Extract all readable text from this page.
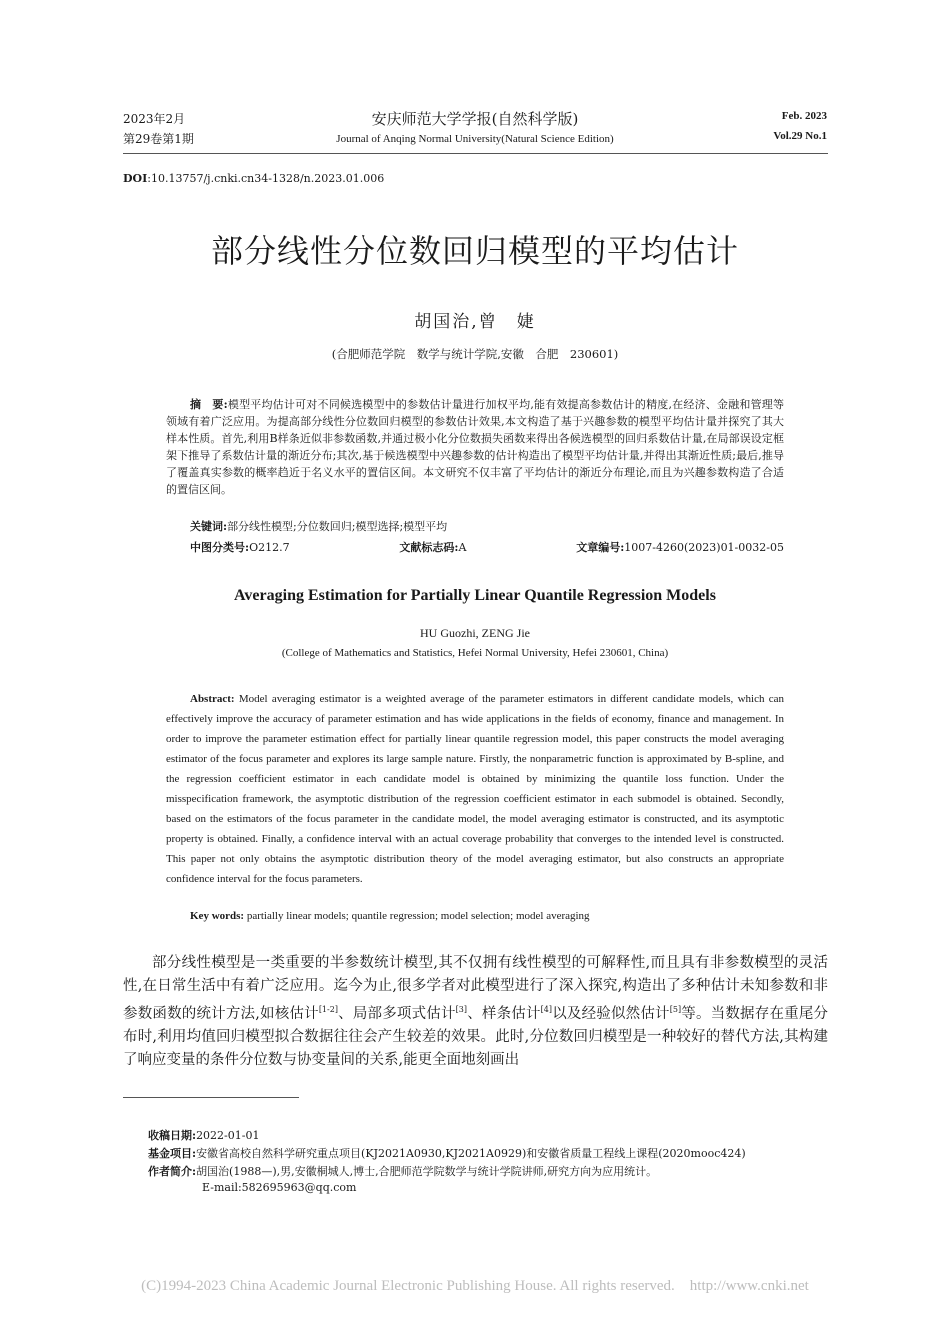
2023年2月
第29卷第1期
安庆师范大学学报(自然科学版)
Journal of Anqing Normal University(Natural Science Edition)
Feb. 2023
Vol.29 No.1
DOI:10.13757/j.cnki.cn34-1328/n.2023.01.006
部分线性分位数回归模型的平均估计
胡国治,曾　婕
(合肥师范学院　数学与统计学院,安徽　合肥　230601)
摘　要:模型平均估计可对不同候选模型中的参数估计量进行加权平均,能有效提高参数估计的精度,在经济、金融和管理等领域有着广泛应用。为提高部分线性分位数回归模型的参数估计效果,本文构造了基于兴趣参数的模型平均估计量并探究了其大样本性质。首先,利用B样条近似非参数函数,并通过极小化分位数损失函数来得出各候选模型的回归系数估计量,在局部误设定框架下推导了系数估计量的渐近分布;其次,基于候选模型中兴趣参数的估计构造出了模型平均估计量,并得出其渐近性质;最后,推导了覆盖真实参数的概率趋近于名义水平的置信区间。本文研究不仅丰富了平均估计的渐近分布理论,而且为兴趣参数构造了合适的置信区间。
关键词:部分线性模型;分位数回归;模型选择;模型平均
中图分类号:O212.7	文献标志码:A	文章编号:1007-4260(2023)01-0032-05
Averaging Estimation for Partially Linear Quantile Regression Models
HU Guozhi, ZENG Jie
(College of Mathematics and Statistics, Hefei Normal University, Hefei 230601, China)
Abstract: Model averaging estimator is a weighted average of the parameter estimators in different candidate models, which can effectively improve the accuracy of parameter estimation and has wide applications in the fields of economy, finance and management. In order to improve the parameter estimation effect for partially linear quantile regression model, this paper constructs the model averaging estimator of the focus parameter and explores its large sample nature. Firstly, the nonparametric function is approximated by B-spline, and the regression coefficient estimator in each candidate model is obtained by minimizing the quantile loss function. Under the misspecification framework, the asymptotic distribution of the regression coefficient estimator in each submodel is obtained. Secondly, based on the estimators of the focus parameter in the candidate model, the model averaging estimator is constructed, and its asymptotic property is obtained. Finally, a confidence interval with an actual coverage probability that converges to the intended level is constructed. This paper not only obtains the asymptotic distribution theory of the model averaging estimator, but also constructs an appropriate confidence interval for the focus parameters.
Key words: partially linear models; quantile regression; model selection; model averaging
部分线性模型是一类重要的半参数统计模型,其不仅拥有线性模型的可解释性,而且具有非参数模型的灵活性,在日常生活中有着广泛应用。迄今为止,很多学者对此模型进行了深入探究,构造出了多种估计未知参数和非参数函数的统计方法,如核估计[1-2]、局部多项式估计[3]、样条估计[4]以及经验似然估计[5]等。当数据存在重尾分布时,利用均值回归模型拟合数据往往会产生较差的效果。此时,分位数回归模型是一种较好的替代方法,其构建了响应变量的条件分位数与协变量间的关系,能更全面地刻画出
收稿日期:2022-01-01
基金项目:安徽省高校自然科学研究重点项目(KJ2021A0930,KJ2021A0929)和安徽省质量工程线上课程(2020mooc424)
作者简介:胡国治(1988—),男,安徽桐城人,博士,合肥师范学院数学与统计学院讲师,研究方向为应用统计。
E-mail:582695963@qq.com
(C)1994-2023 China Academic Journal Electronic Publishing House. All rights reserved.    http://www.cnki.net
